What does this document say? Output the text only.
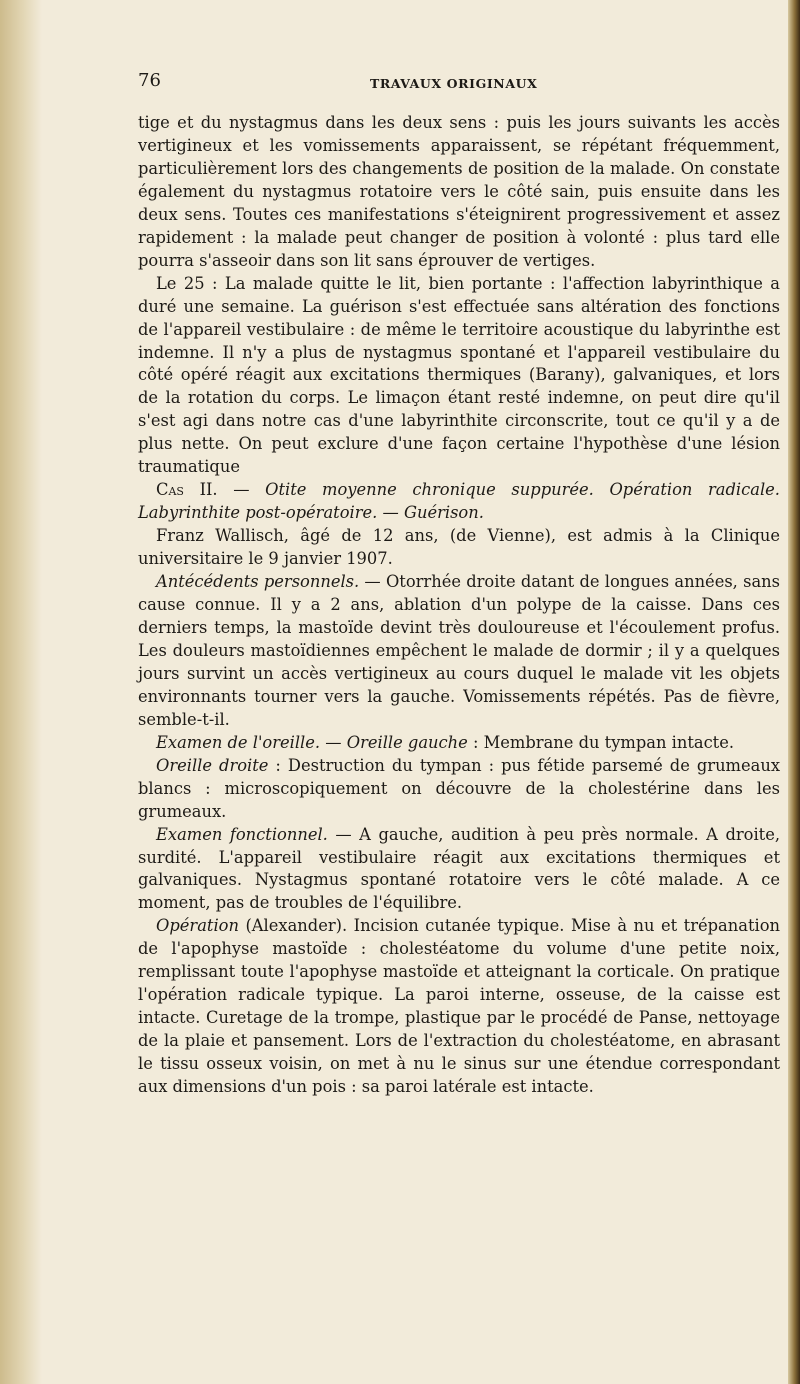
76	TRAVAUX ORIGINAUX

tige et du nystagmus dans les deux sens : puis les jours suivants les accès vertigineux et les vomissements apparaissent, se répétant fréquemment, particulièrement lors des changements de position de la malade. On constate également du nystagmus rotatoire vers le côté sain, puis ensuite dans les deux sens. Toutes ces manifestations s'éteignirent progressivement et assez rapidement : la malade peut changer de position à volonté : plus tard elle pourra s'asseoir dans son lit sans éprouver de vertiges.

Le 25 : La malade quitte le lit, bien portante : l'affection labyrinthique a duré une semaine. La guérison s'est effectuée sans altération des fonctions de l'appareil vestibulaire : de même le territoire acoustique du labyrinthe est indemne. Il n'y a plus de nystagmus spontané et l'appareil vestibulaire du côté opéré réagit aux excitations thermiques (Barany), galvaniques, et lors de la rotation du corps. Le limaçon étant resté indemne, on peut dire qu'il s'est agi dans notre cas d'une labyrinthite circonscrite, tout ce qu'il y a de plus nette. On peut exclure d'une façon certaine l'hypothèse d'une lésion traumatique

Cas II. — Otite moyenne chronique suppurée. Opération radicale. Labyrinthite post-opératoire. — Guérison.

Franz Wallisch, âgé de 12 ans, (de Vienne), est admis à la Clinique universitaire le 9 janvier 1907.

Antécédents personnels. — Otorrhée droite datant de longues années, sans cause connue. Il y a 2 ans, ablation d'un polype de la caisse. Dans ces derniers temps, la mastoïde devint très douloureuse et l'écoulement profus. Les douleurs mastoïdiennes empêchent le malade de dormir ; il y a quelques jours survint un accès vertigineux au cours duquel le malade vit les objets environnants tourner vers la gauche. Vomissements répétés. Pas de fièvre, semble-t-il.

Examen de l'oreille. — Oreille gauche : Membrane du tympan intacte.

Oreille droite : Destruction du tympan : pus fétide parsemé de grumeaux blancs : microscopiquement on découvre de la cholestérine dans les grumeaux.

Examen fonctionnel. — A gauche, audition à peu près normale. A droite, surdité. L'appareil vestibulaire réagit aux excitations thermiques et galvaniques. Nystagmus spontané rotatoire vers le côté malade. A ce moment, pas de troubles de l'équilibre.

Opération (Alexander). Incision cutanée typique. Mise à nu et trépanation de l'apophyse mastoïde : cholestéatome du volume d'une petite noix, remplissant toute l'apophyse mastoïde et atteignant la corticale. On pratique l'opération radicale typique. La paroi interne, osseuse, de la caisse est intacte. Curetage de la trompe, plastique par le procédé de Panse, nettoyage de la plaie et pansement. Lors de l'extraction du cholestéatome, en abrasant le tissu osseux voisin, on met à nu le sinus sur une étendue correspondant aux dimensions d'un pois : sa paroi latérale est intacte.
